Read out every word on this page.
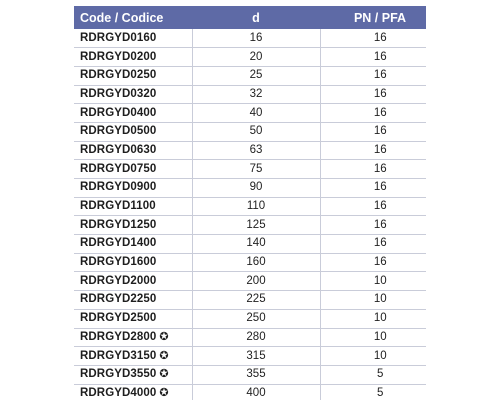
Code / Codice	d	PN / PFA
RDRGYD0160	16	16
RDRGYD0200	20	16
RDRGYD0250	25	16
RDRGYD0320	32	16
RDRGYD0400	40	16
RDRGYD0500	50	16
RDRGYD0630	63	16
RDRGYD0750	75	16
RDRGYD0900	90	16
RDRGYD1100	110	16
RDRGYD1250	125	16
RDRGYD1400	140	16
RDRGYD1600	160	16
RDRGYD2000	200	10
RDRGYD2250	225	10
RDRGYD2500	250	10
RDRGYD2800 ✪	280	10
RDRGYD3150 ✪	315	10
RDRGYD3550 ✪	355	5
RDRGYD4000 ✪	400	5
